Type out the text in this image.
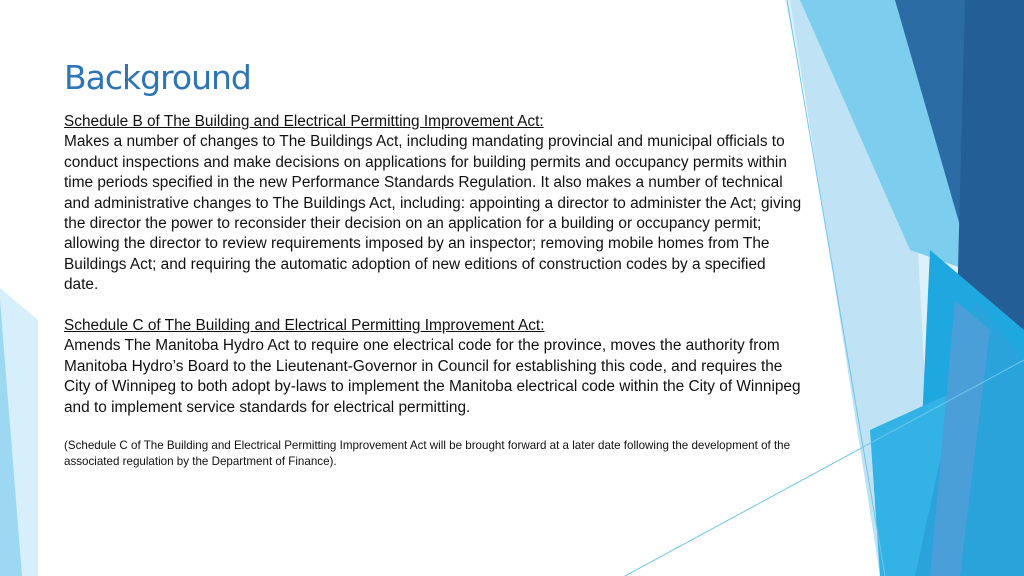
Background

Schedule B of The Building and Electrical Permitting Improvement Act:

Makes a number of changes to The Buildings Act, including mandating provincial and municipal officials to conduct inspections and make decisions on applications for building permits and occupancy permits within time periods specified in the new Performance Standards Regulation. It also makes a number of technical and administrative changes to The Buildings Act, including: appointing a director to administer the Act; giving the director the power to reconsider their decision on an application for a building or occupancy permit; allowing the director to review requirements imposed by an inspector; removing mobile homes from The Buildings Act; and requiring the automatic adoption of new editions of construction codes by a specified date.

Schedule C of The Building and Electrical Permitting Improvement Act:

Amends The Manitoba Hydro Act to require one electrical code for the province, moves the authority from Manitoba Hydro’s Board to the Lieutenant-Governor in Council for establishing this code, and requires the City of Winnipeg to both adopt by-laws to implement the Manitoba electrical code within the City of Winnipeg and to implement service standards for electrical permitting.

(Schedule C of The Building and Electrical Permitting Improvement Act will be brought forward at a later date following the development of the associated regulation by the Department of Finance).
